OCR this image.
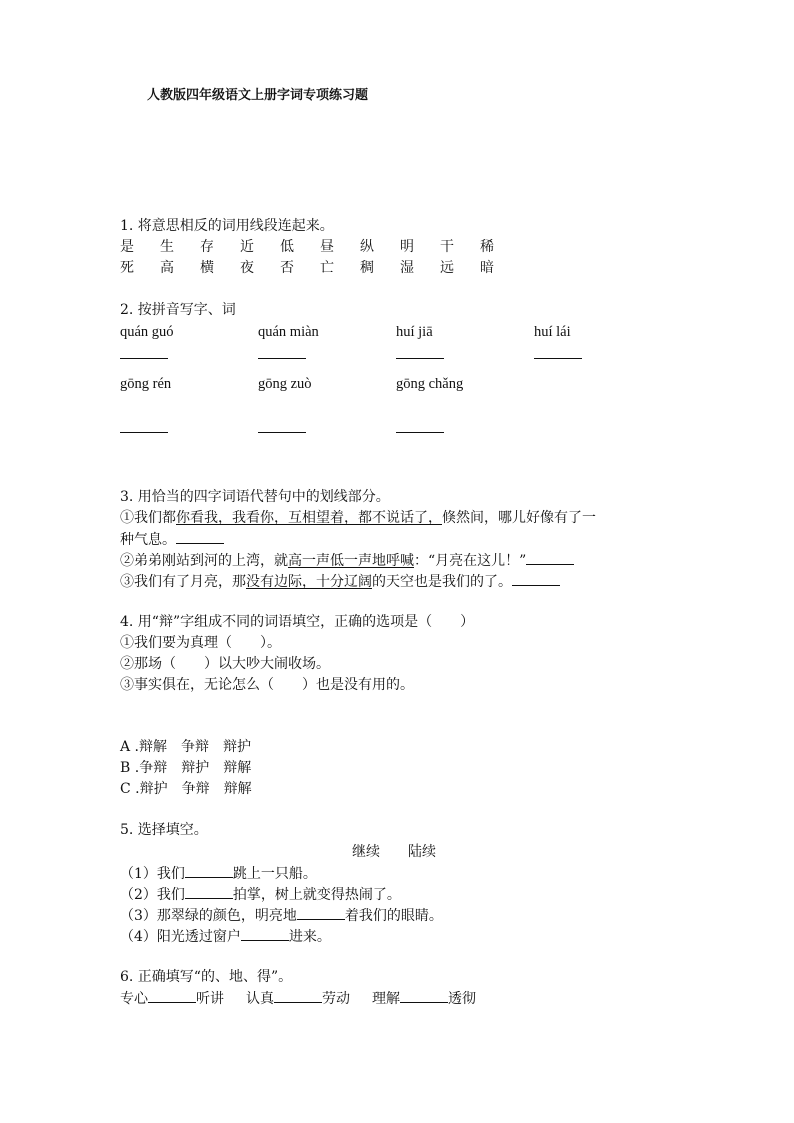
人教版四年级语文上册字词专项练习题
1. 将意思相反的词用线段连起来。
是	生	存	近	低	昼	纵	明	干	稀
死	高	横	夜	否	亡	稠	湿	远	暗
2. 按拼音写字、词
quán guó	quán miàn	huí jiā	huí lái
gōng rén	gōng zuò	gōng chǎng
3. 用恰当的四字词语代替句中的划线部分。
①我们都你看我，我看你，互相望着，都不说话了，倏然间，哪儿好像有了一
种气息。
②弟弟刚站到河的上湾，就高一声低一声地呼喊：“月亮在这儿！”
③我们有了月亮，那没有边际，十分辽阔的天空也是我们的了。
4. 用“辩”字组成不同的词语填空，正确的选项是（　　）
①我们要为真理（　　）。
②那场（　　）以大吵大闹收场。
③事实俱在，无论怎么（　　）也是没有用的。
A .辩解　争辩　辩护
B .争辩　辩护　辩解
C .辩护　争辩　辩解
5. 选择填空。
继续　　陆续
（1）我们	跳上一只船。
（2）我们	拍掌，树上就变得热闹了。
（3）那翠绿的颜色，明亮地	着我们的眼睛。
（4）阳光透过窗户	进来。
6. 正确填写“的、地、得”。
专心	听讲 认真	劳动 理解	透彻
